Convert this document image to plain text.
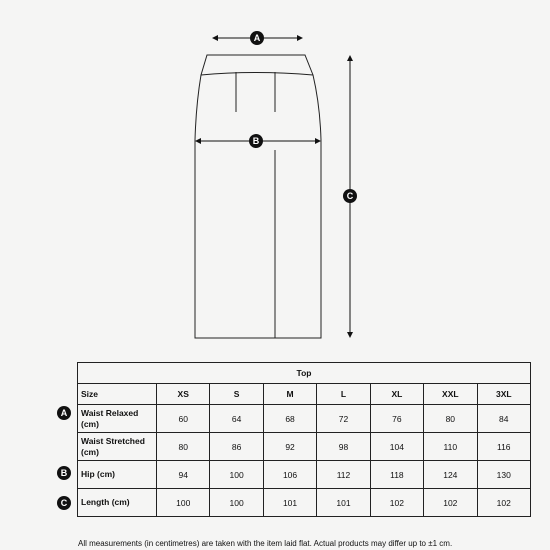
A
B
C
A
B
C
Top							
Size	XS	S	M	L	XL	XXL	3XL
Waist Relaxed (cm)	60	64	68	72	76	80	84
Waist Stretched (cm)	80	86	92	98	104	110	116
Hip (cm)	94	100	106	112	118	124	130
Length (cm)	100	100	101	101	102	102	102
All measurements (in centimetres) are taken with the item laid flat. Actual products may differ up to ±1 cm.
